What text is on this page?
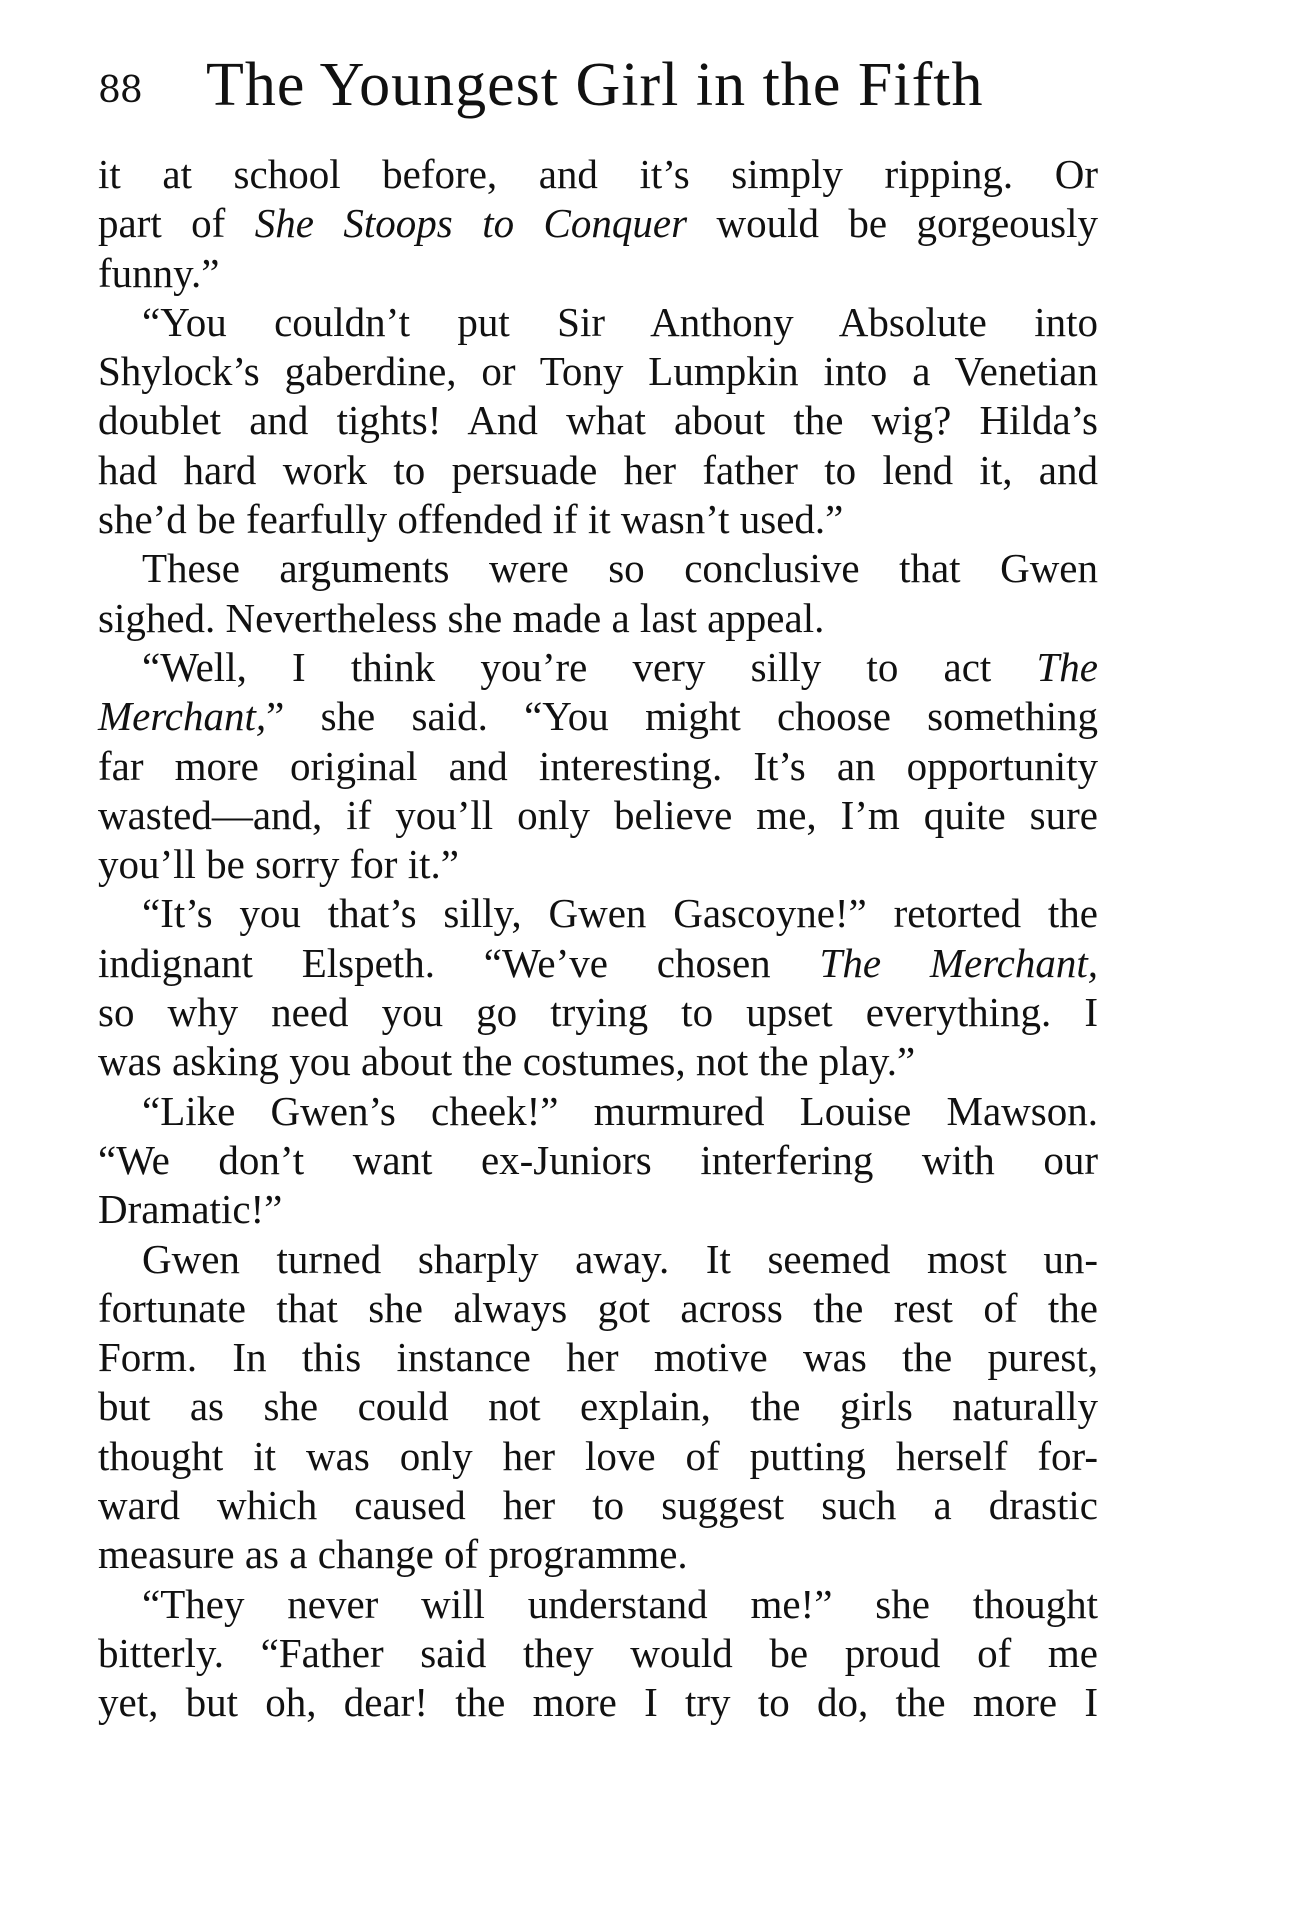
88 The Youngest Girl in the Fifth
it at school before, and it’s simply ripping. Or
part of She Stoops to Conquer would be gorgeously
funny.”
“You couldn’t put Sir Anthony Absolute into
Shylock’s gaberdine, or Tony Lumpkin into a Venetian
doublet and tights! And what about the wig? Hilda’s
had hard work to persuade her father to lend it, and
she’d be fearfully offended if it wasn’t used.”
These arguments were so conclusive that Gwen
sighed. Nevertheless she made a last appeal.
“Well, I think you’re very silly to act The
Merchant,” she said. “You might choose something
far more original and interesting. It’s an opportunity
wasted—and, if you’ll only believe me, I’m quite sure
you’ll be sorry for it.”
“It’s you that’s silly, Gwen Gascoyne!” retorted the
indignant Elspeth. “We’ve chosen The Merchant,
so why need you go trying to upset everything. I
was asking you about the costumes, not the play.”
“Like Gwen’s cheek!” murmured Louise Mawson.
“We don’t want ex-Juniors interfering with our
Dramatic!”
Gwen turned sharply away. It seemed most un-
fortunate that she always got across the rest of the
Form. In this instance her motive was the purest,
but as she could not explain, the girls naturally
thought it was only her love of putting herself for-
ward which caused her to suggest such a drastic
measure as a change of programme.
“They never will understand me!” she thought
bitterly. “Father said they would be proud of me
yet, but oh, dear! the more I try to do, the more I
